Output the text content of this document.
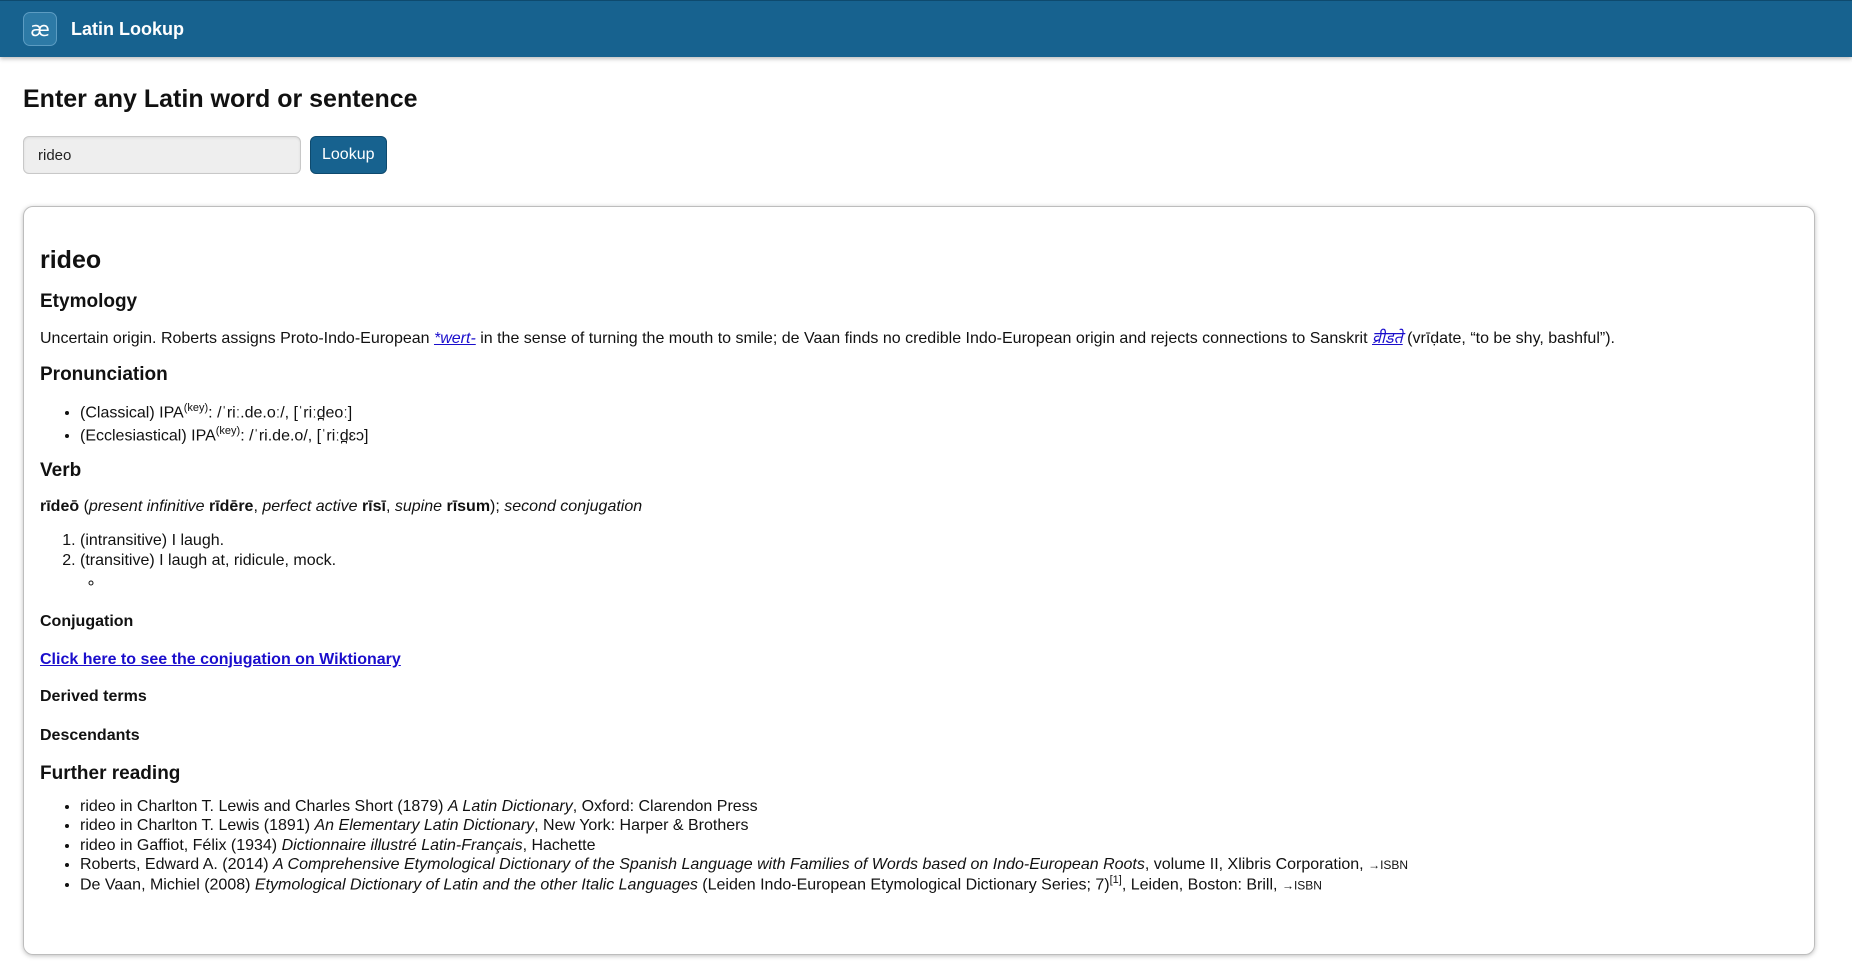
æ	Latin Lookup
Enter any Latin word or sentence
rideo
Lookup
rideo
Etymology

Uncertain origin. Roberts assigns Proto-Indo-European *wert- in the sense of turning the mouth to smile; de Vaan finds no credible Indo-European origin and rejects connections to Sanskrit व्रीडते (vrīḍate, “to be shy, bashful”).

Pronunciation
• (Classical) $IPA^{(key)}$: /ˈriː.de.oː/, [ˈriːd̪eoː]
• (Ecclesiastical) $IPA^{(key)}$: /ˈri.de.o/, [ˈriːd̪ɛɔ]
Verb

rīdeō (present infinitive rīdēre, perfect active rīsī, supine rīsum); second conjugation

1. (intransitive) I laugh.
2. (transitive) I laugh at, ridicule, mock.
◦
Conjugation

Click here to see the conjugation on Wiktionary

Derived terms
Descendants
Further reading
• rideo in Charlton T. Lewis and Charles Short (1879) A Latin Dictionary, Oxford: Clarendon Press
• rideo in Charlton T. Lewis (1891) An Elementary Latin Dictionary, New York: Harper & Brothers
• rideo in Gaffiot, Félix (1934) Dictionnaire illustré Latin-Français, Hachette
• Roberts, Edward A. (2014) A Comprehensive Etymological Dictionary of the Spanish Language with Families of Words based on Indo-European Roots, volume II, Xlibris Corporation, →ISBN
• De Vaan, Michiel (2008) Etymological Dictionary of Latin and the other Italic Languages (Leiden Indo-European Etymological Dictionary Series; 7)[1], Leiden, Boston: Brill, →ISBN
